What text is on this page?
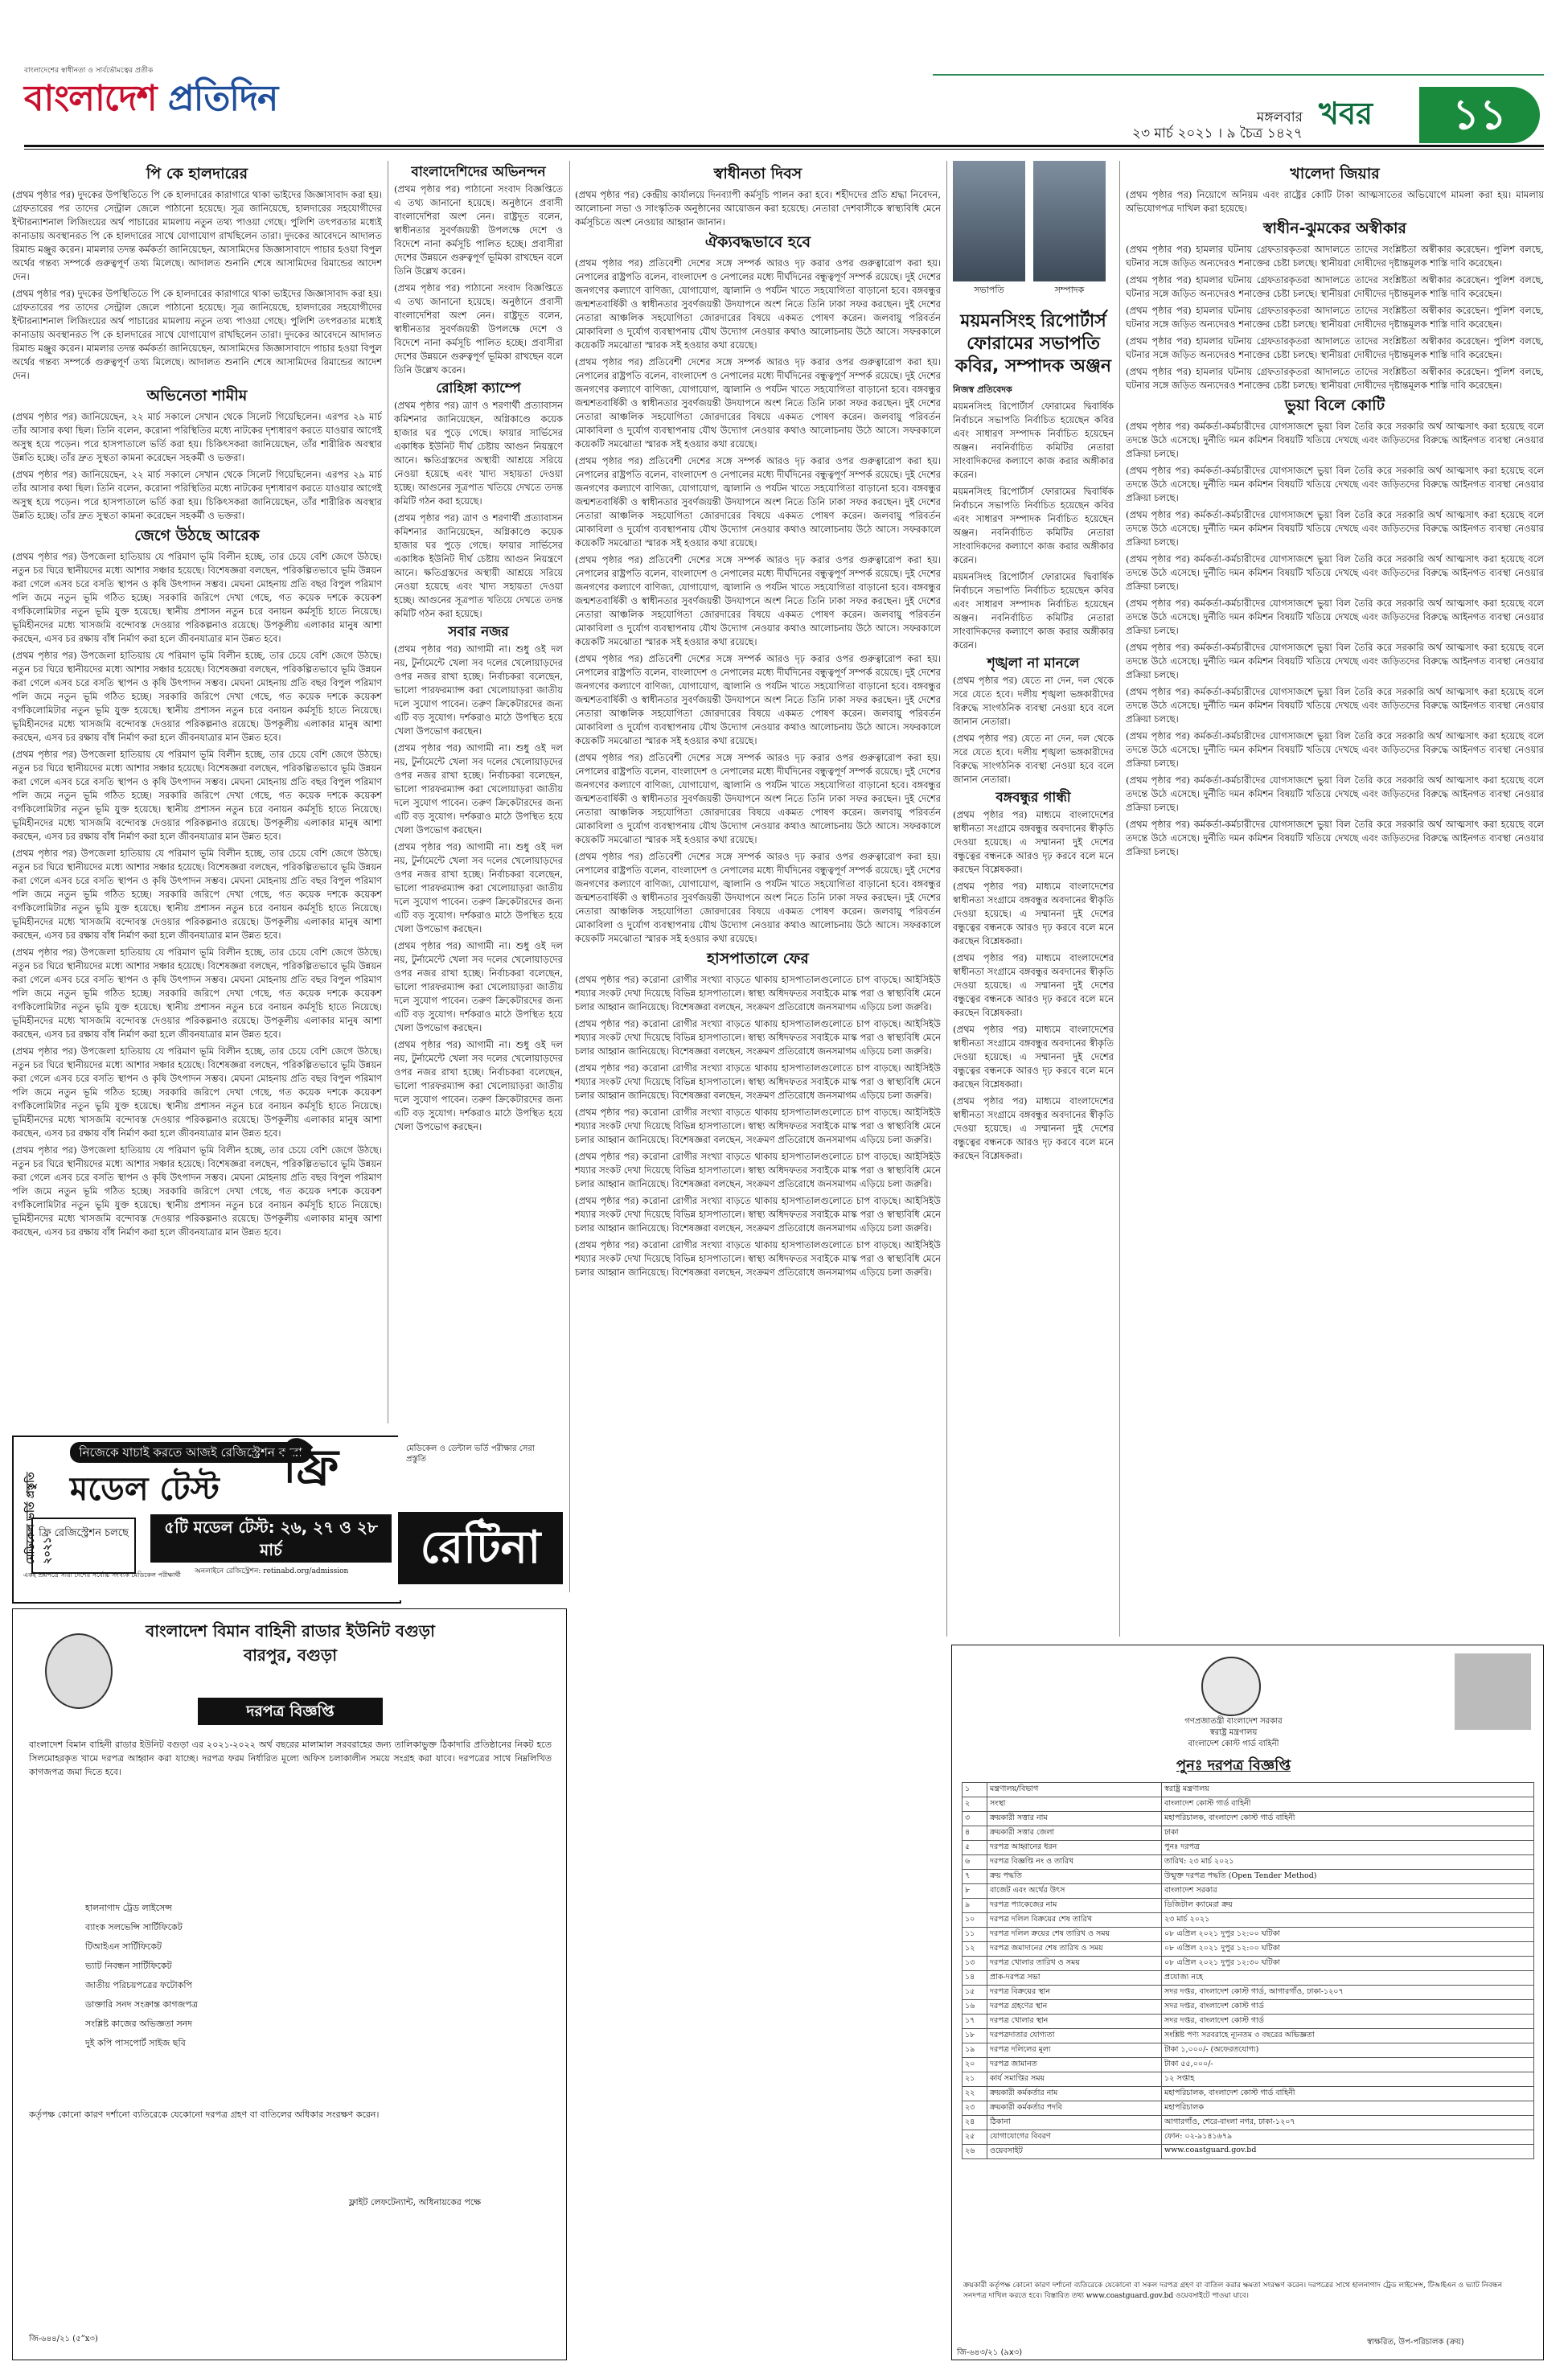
বাংলাদেশের স্বাধীনতা ও সার্বভৌমত্বের প্রতীক
বাংলাদেশ প্রতিদিন	মঙ্গলবার
২৩ মার্চ ২০২১ । ৯ চৈত্র ১৪২৭
খবর	১১
পি কে হালদারের

(প্রথম পৃষ্ঠার পর) দুদকের উপস্থিতিতে পি কে হালদারের কারাগারে থাকা ভাইদের জিজ্ঞাসাবাদ করা হয়। গ্রেফতারের পর তাদের সেন্ট্রাল জেলে পাঠানো হয়েছে। সূত্র জানিয়েছে, হালদারের সহযোগীদের ইন্টারন্যাশনাল লিজিংয়ের অর্থ পাচারের মামলায় নতুন তথ্য পাওয়া গেছে। পুলিশি তৎপরতার মধ্যেই কানাডায় অবস্থানরত পি কে হালদারের সাথে যোগাযোগ রাখছিলেন তারা। দুদকের আবেদনে আদালত রিমান্ড মঞ্জুর করেন। মামলার তদন্ত কর্মকর্তা জানিয়েছেন, আসামিদের জিজ্ঞাসাবাদে পাচার হওয়া বিপুল অর্থের গন্তব্য সম্পর্কে গুরুত্বপূর্ণ তথ্য মিলেছে। আদালত শুনানি শেষে আসামিদের রিমান্ডের আদেশ দেন।

(প্রথম পৃষ্ঠার পর) দুদকের উপস্থিতিতে পি কে হালদারের কারাগারে থাকা ভাইদের জিজ্ঞাসাবাদ করা হয়। গ্রেফতারের পর তাদের সেন্ট্রাল জেলে পাঠানো হয়েছে। সূত্র জানিয়েছে, হালদারের সহযোগীদের ইন্টারন্যাশনাল লিজিংয়ের অর্থ পাচারের মামলায় নতুন তথ্য পাওয়া গেছে। পুলিশি তৎপরতার মধ্যেই কানাডায় অবস্থানরত পি কে হালদারের সাথে যোগাযোগ রাখছিলেন তারা। দুদকের আবেদনে আদালত রিমান্ড মঞ্জুর করেন। মামলার তদন্ত কর্মকর্তা জানিয়েছেন, আসামিদের জিজ্ঞাসাবাদে পাচার হওয়া বিপুল অর্থের গন্তব্য সম্পর্কে গুরুত্বপূর্ণ তথ্য মিলেছে। আদালত শুনানি শেষে আসামিদের রিমান্ডের আদেশ দেন।

অভিনেতা শামীম

(প্রথম পৃষ্ঠার পর) জানিয়েছেন, ২২ মার্চ সকালে সেখান থেকে সিলেট গিয়েছিলেন। এরপর ২৯ মার্চ তাঁর আসার কথা ছিল। তিনি বলেন, করোনা পরিস্থিতির মধ্যে নাটকের দৃশ্যধারণ করতে যাওয়ার আগেই অসুস্থ হয়ে পড়েন। পরে হাসপাতালে ভর্তি করা হয়। চিকিৎসকরা জানিয়েছেন, তাঁর শারীরিক অবস্থার উন্নতি হচ্ছে। তাঁর দ্রুত সুস্থতা কামনা করেছেন সহকর্মী ও ভক্তরা।

(প্রথম পৃষ্ঠার পর) জানিয়েছেন, ২২ মার্চ সকালে সেখান থেকে সিলেট গিয়েছিলেন। এরপর ২৯ মার্চ তাঁর আসার কথা ছিল। তিনি বলেন, করোনা পরিস্থিতির মধ্যে নাটকের দৃশ্যধারণ করতে যাওয়ার আগেই অসুস্থ হয়ে পড়েন। পরে হাসপাতালে ভর্তি করা হয়। চিকিৎসকরা জানিয়েছেন, তাঁর শারীরিক অবস্থার উন্নতি হচ্ছে। তাঁর দ্রুত সুস্থতা কামনা করেছেন সহকর্মী ও ভক্তরা।

জেগে উঠছে আরেক

(প্রথম পৃষ্ঠার পর) উপজেলা হাতিয়ায় যে পরিমাণ ভূমি বিলীন হচ্ছে, তার চেয়ে বেশি জেগে উঠছে। নতুন চর ঘিরে স্থানীয়দের মধ্যে আশার সঞ্চার হয়েছে। বিশেষজ্ঞরা বলছেন, পরিকল্পিতভাবে ভূমি উন্নয়ন করা গেলে এসব চরে বসতি স্থাপন ও কৃষি উৎপাদন সম্ভব। মেঘনা মোহনায় প্রতি বছর বিপুল পরিমাণ পলি জমে নতুন ভূমি গঠিত হচ্ছে। সরকারি জরিপে দেখা গেছে, গত কয়েক দশকে কয়েকশ বর্গকিলোমিটার নতুন ভূমি যুক্ত হয়েছে। স্থানীয় প্রশাসন নতুন চরে বনায়ন কর্মসূচি হাতে নিয়েছে। ভূমিহীনদের মধ্যে খাসজমি বন্দোবস্ত দেওয়ার পরিকল্পনাও রয়েছে। উপকূলীয় এলাকার মানুষ আশা করছেন, এসব চর রক্ষায় বাঁধ নির্মাণ করা হলে জীবনযাত্রার মান উন্নত হবে।

(প্রথম পৃষ্ঠার পর) উপজেলা হাতিয়ায় যে পরিমাণ ভূমি বিলীন হচ্ছে, তার চেয়ে বেশি জেগে উঠছে। নতুন চর ঘিরে স্থানীয়দের মধ্যে আশার সঞ্চার হয়েছে। বিশেষজ্ঞরা বলছেন, পরিকল্পিতভাবে ভূমি উন্নয়ন করা গেলে এসব চরে বসতি স্থাপন ও কৃষি উৎপাদন সম্ভব। মেঘনা মোহনায় প্রতি বছর বিপুল পরিমাণ পলি জমে নতুন ভূমি গঠিত হচ্ছে। সরকারি জরিপে দেখা গেছে, গত কয়েক দশকে কয়েকশ বর্গকিলোমিটার নতুন ভূমি যুক্ত হয়েছে। স্থানীয় প্রশাসন নতুন চরে বনায়ন কর্মসূচি হাতে নিয়েছে। ভূমিহীনদের মধ্যে খাসজমি বন্দোবস্ত দেওয়ার পরিকল্পনাও রয়েছে। উপকূলীয় এলাকার মানুষ আশা করছেন, এসব চর রক্ষায় বাঁধ নির্মাণ করা হলে জীবনযাত্রার মান উন্নত হবে।

(প্রথম পৃষ্ঠার পর) উপজেলা হাতিয়ায় যে পরিমাণ ভূমি বিলীন হচ্ছে, তার চেয়ে বেশি জেগে উঠছে। নতুন চর ঘিরে স্থানীয়দের মধ্যে আশার সঞ্চার হয়েছে। বিশেষজ্ঞরা বলছেন, পরিকল্পিতভাবে ভূমি উন্নয়ন করা গেলে এসব চরে বসতি স্থাপন ও কৃষি উৎপাদন সম্ভব। মেঘনা মোহনায় প্রতি বছর বিপুল পরিমাণ পলি জমে নতুন ভূমি গঠিত হচ্ছে। সরকারি জরিপে দেখা গেছে, গত কয়েক দশকে কয়েকশ বর্গকিলোমিটার নতুন ভূমি যুক্ত হয়েছে। স্থানীয় প্রশাসন নতুন চরে বনায়ন কর্মসূচি হাতে নিয়েছে। ভূমিহীনদের মধ্যে খাসজমি বন্দোবস্ত দেওয়ার পরিকল্পনাও রয়েছে। উপকূলীয় এলাকার মানুষ আশা করছেন, এসব চর রক্ষায় বাঁধ নির্মাণ করা হলে জীবনযাত্রার মান উন্নত হবে।

(প্রথম পৃষ্ঠার পর) উপজেলা হাতিয়ায় যে পরিমাণ ভূমি বিলীন হচ্ছে, তার চেয়ে বেশি জেগে উঠছে। নতুন চর ঘিরে স্থানীয়দের মধ্যে আশার সঞ্চার হয়েছে। বিশেষজ্ঞরা বলছেন, পরিকল্পিতভাবে ভূমি উন্নয়ন করা গেলে এসব চরে বসতি স্থাপন ও কৃষি উৎপাদন সম্ভব। মেঘনা মোহনায় প্রতি বছর বিপুল পরিমাণ পলি জমে নতুন ভূমি গঠিত হচ্ছে। সরকারি জরিপে দেখা গেছে, গত কয়েক দশকে কয়েকশ বর্গকিলোমিটার নতুন ভূমি যুক্ত হয়েছে। স্থানীয় প্রশাসন নতুন চরে বনায়ন কর্মসূচি হাতে নিয়েছে। ভূমিহীনদের মধ্যে খাসজমি বন্দোবস্ত দেওয়ার পরিকল্পনাও রয়েছে। উপকূলীয় এলাকার মানুষ আশা করছেন, এসব চর রক্ষায় বাঁধ নির্মাণ করা হলে জীবনযাত্রার মান উন্নত হবে।

(প্রথম পৃষ্ঠার পর) উপজেলা হাতিয়ায় যে পরিমাণ ভূমি বিলীন হচ্ছে, তার চেয়ে বেশি জেগে উঠছে। নতুন চর ঘিরে স্থানীয়দের মধ্যে আশার সঞ্চার হয়েছে। বিশেষজ্ঞরা বলছেন, পরিকল্পিতভাবে ভূমি উন্নয়ন করা গেলে এসব চরে বসতি স্থাপন ও কৃষি উৎপাদন সম্ভব। মেঘনা মোহনায় প্রতি বছর বিপুল পরিমাণ পলি জমে নতুন ভূমি গঠিত হচ্ছে। সরকারি জরিপে দেখা গেছে, গত কয়েক দশকে কয়েকশ বর্গকিলোমিটার নতুন ভূমি যুক্ত হয়েছে। স্থানীয় প্রশাসন নতুন চরে বনায়ন কর্মসূচি হাতে নিয়েছে। ভূমিহীনদের মধ্যে খাসজমি বন্দোবস্ত দেওয়ার পরিকল্পনাও রয়েছে। উপকূলীয় এলাকার মানুষ আশা করছেন, এসব চর রক্ষায় বাঁধ নির্মাণ করা হলে জীবনযাত্রার মান উন্নত হবে।

(প্রথম পৃষ্ঠার পর) উপজেলা হাতিয়ায় যে পরিমাণ ভূমি বিলীন হচ্ছে, তার চেয়ে বেশি জেগে উঠছে। নতুন চর ঘিরে স্থানীয়দের মধ্যে আশার সঞ্চার হয়েছে। বিশেষজ্ঞরা বলছেন, পরিকল্পিতভাবে ভূমি উন্নয়ন করা গেলে এসব চরে বসতি স্থাপন ও কৃষি উৎপাদন সম্ভব। মেঘনা মোহনায় প্রতি বছর বিপুল পরিমাণ পলি জমে নতুন ভূমি গঠিত হচ্ছে। সরকারি জরিপে দেখা গেছে, গত কয়েক দশকে কয়েকশ বর্গকিলোমিটার নতুন ভূমি যুক্ত হয়েছে। স্থানীয় প্রশাসন নতুন চরে বনায়ন কর্মসূচি হাতে নিয়েছে। ভূমিহীনদের মধ্যে খাসজমি বন্দোবস্ত দেওয়ার পরিকল্পনাও রয়েছে। উপকূলীয় এলাকার মানুষ আশা করছেন, এসব চর রক্ষায় বাঁধ নির্মাণ করা হলে জীবনযাত্রার মান উন্নত হবে।

(প্রথম পৃষ্ঠার পর) উপজেলা হাতিয়ায় যে পরিমাণ ভূমি বিলীন হচ্ছে, তার চেয়ে বেশি জেগে উঠছে। নতুন চর ঘিরে স্থানীয়দের মধ্যে আশার সঞ্চার হয়েছে। বিশেষজ্ঞরা বলছেন, পরিকল্পিতভাবে ভূমি উন্নয়ন করা গেলে এসব চরে বসতি স্থাপন ও কৃষি উৎপাদন সম্ভব। মেঘনা মোহনায় প্রতি বছর বিপুল পরিমাণ পলি জমে নতুন ভূমি গঠিত হচ্ছে। সরকারি জরিপে দেখা গেছে, গত কয়েক দশকে কয়েকশ বর্গকিলোমিটার নতুন ভূমি যুক্ত হয়েছে। স্থানীয় প্রশাসন নতুন চরে বনায়ন কর্মসূচি হাতে নিয়েছে। ভূমিহীনদের মধ্যে খাসজমি বন্দোবস্ত দেওয়ার পরিকল্পনাও রয়েছে। উপকূলীয় এলাকার মানুষ আশা করছেন, এসব চর রক্ষায় বাঁধ নির্মাণ করা হলে জীবনযাত্রার মান উন্নত হবে।

বাংলাদেশিদের অভিনন্দন

(প্রথম পৃষ্ঠার পর) পাঠানো সংবাদ বিজ্ঞপ্তিতে এ তথ্য জানানো হয়েছে। অনুষ্ঠানে প্রবাসী বাংলাদেশিরা অংশ নেন। রাষ্ট্রদূত বলেন, স্বাধীনতার সুবর্ণজয়ন্তী উপলক্ষে দেশে ও বিদেশে নানা কর্মসূচি পালিত হচ্ছে। প্রবাসীরা দেশের উন্নয়নে গুরুত্বপূর্ণ ভূমিকা রাখছেন বলে তিনি উল্লেখ করেন।

(প্রথম পৃষ্ঠার পর) পাঠানো সংবাদ বিজ্ঞপ্তিতে এ তথ্য জানানো হয়েছে। অনুষ্ঠানে প্রবাসী বাংলাদেশিরা অংশ নেন। রাষ্ট্রদূত বলেন, স্বাধীনতার সুবর্ণজয়ন্তী উপলক্ষে দেশে ও বিদেশে নানা কর্মসূচি পালিত হচ্ছে। প্রবাসীরা দেশের উন্নয়নে গুরুত্বপূর্ণ ভূমিকা রাখছেন বলে তিনি উল্লেখ করেন।

রোহিঙ্গা ক্যাম্পে

(প্রথম পৃষ্ঠার পর) ত্রাণ ও শরণার্থী প্রত্যাবাসন কমিশনার জানিয়েছেন, অগ্নিকাণ্ডে কয়েক হাজার ঘর পুড়ে গেছে। ফায়ার সার্ভিসের একাধিক ইউনিট দীর্ঘ চেষ্টায় আগুন নিয়ন্ত্রণে আনে। ক্ষতিগ্রস্তদের অস্থায়ী আশ্রয়ে সরিয়ে নেওয়া হয়েছে এবং খাদ্য সহায়তা দেওয়া হচ্ছে। আগুনের সূত্রপাত খতিয়ে দেখতে তদন্ত কমিটি গঠন করা হয়েছে।

(প্রথম পৃষ্ঠার পর) ত্রাণ ও শরণার্থী প্রত্যাবাসন কমিশনার জানিয়েছেন, অগ্নিকাণ্ডে কয়েক হাজার ঘর পুড়ে গেছে। ফায়ার সার্ভিসের একাধিক ইউনিট দীর্ঘ চেষ্টায় আগুন নিয়ন্ত্রণে আনে। ক্ষতিগ্রস্তদের অস্থায়ী আশ্রয়ে সরিয়ে নেওয়া হয়েছে এবং খাদ্য সহায়তা দেওয়া হচ্ছে। আগুনের সূত্রপাত খতিয়ে দেখতে তদন্ত কমিটি গঠন করা হয়েছে।

সবার নজর

(প্রথম পৃষ্ঠার পর) আগামী না। শুধু ওই দল নয়, টুর্নামেন্টে খেলা সব দলের খেলোয়াড়দের ওপর নজর রাখা হচ্ছে। নির্বাচকরা বলেছেন, ভালো পারফরম্যান্স করা খেলোয়াড়রা জাতীয় দলে সুযোগ পাবেন। তরুণ ক্রিকেটারদের জন্য এটি বড় সুযোগ। দর্শকরাও মাঠে উপস্থিত হয়ে খেলা উপভোগ করছেন।

(প্রথম পৃষ্ঠার পর) আগামী না। শুধু ওই দল নয়, টুর্নামেন্টে খেলা সব দলের খেলোয়াড়দের ওপর নজর রাখা হচ্ছে। নির্বাচকরা বলেছেন, ভালো পারফরম্যান্স করা খেলোয়াড়রা জাতীয় দলে সুযোগ পাবেন। তরুণ ক্রিকেটারদের জন্য এটি বড় সুযোগ। দর্শকরাও মাঠে উপস্থিত হয়ে খেলা উপভোগ করছেন।

(প্রথম পৃষ্ঠার পর) আগামী না। শুধু ওই দল নয়, টুর্নামেন্টে খেলা সব দলের খেলোয়াড়দের ওপর নজর রাখা হচ্ছে। নির্বাচকরা বলেছেন, ভালো পারফরম্যান্স করা খেলোয়াড়রা জাতীয় দলে সুযোগ পাবেন। তরুণ ক্রিকেটারদের জন্য এটি বড় সুযোগ। দর্শকরাও মাঠে উপস্থিত হয়ে খেলা উপভোগ করছেন।

(প্রথম পৃষ্ঠার পর) আগামী না। শুধু ওই দল নয়, টুর্নামেন্টে খেলা সব দলের খেলোয়াড়দের ওপর নজর রাখা হচ্ছে। নির্বাচকরা বলেছেন, ভালো পারফরম্যান্স করা খেলোয়াড়রা জাতীয় দলে সুযোগ পাবেন। তরুণ ক্রিকেটারদের জন্য এটি বড় সুযোগ। দর্শকরাও মাঠে উপস্থিত হয়ে খেলা উপভোগ করছেন।

(প্রথম পৃষ্ঠার পর) আগামী না। শুধু ওই দল নয়, টুর্নামেন্টে খেলা সব দলের খেলোয়াড়দের ওপর নজর রাখা হচ্ছে। নির্বাচকরা বলেছেন, ভালো পারফরম্যান্স করা খেলোয়াড়রা জাতীয় দলে সুযোগ পাবেন। তরুণ ক্রিকেটারদের জন্য এটি বড় সুযোগ। দর্শকরাও মাঠে উপস্থিত হয়ে খেলা উপভোগ করছেন।

স্বাধীনতা দিবস

(প্রথম পৃষ্ঠার পর) কেন্দ্রীয় কার্যালয়ে দিনব্যাপী কর্মসূচি পালন করা হবে। শহীদদের প্রতি শ্রদ্ধা নিবেদন, আলোচনা সভা ও সাংস্কৃতিক অনুষ্ঠানের আয়োজন করা হয়েছে। নেতারা দেশবাসীকে স্বাস্থ্যবিধি মেনে কর্মসূচিতে অংশ নেওয়ার আহ্বান জানান।

ঐক্যবদ্ধভাবে হবে

(প্রথম পৃষ্ঠার পর) প্রতিবেশী দেশের সঙ্গে সম্পর্ক আরও দৃঢ় করার ওপর গুরুত্বারোপ করা হয়। নেপালের রাষ্ট্রপতি বলেন, বাংলাদেশ ও নেপালের মধ্যে দীর্ঘদিনের বন্ধুত্বপূর্ণ সম্পর্ক রয়েছে। দুই দেশের জনগণের কল্যাণে বাণিজ্য, যোগাযোগ, জ্বালানি ও পর্যটন খাতে সহযোগিতা বাড়ানো হবে। বঙ্গবন্ধুর জন্মশতবার্ষিকী ও স্বাধীনতার সুবর্ণজয়ন্তী উদযাপনে অংশ নিতে তিনি ঢাকা সফর করছেন। দুই দেশের নেতারা আঞ্চলিক সহযোগিতা জোরদারের বিষয়ে একমত পোষণ করেন। জলবায়ু পরিবর্তন মোকাবিলা ও দুর্যোগ ব্যবস্থাপনায় যৌথ উদ্যোগ নেওয়ার কথাও আলোচনায় উঠে আসে। সফরকালে কয়েকটি সমঝোতা স্মারক সই হওয়ার কথা রয়েছে।

(প্রথম পৃষ্ঠার পর) প্রতিবেশী দেশের সঙ্গে সম্পর্ক আরও দৃঢ় করার ওপর গুরুত্বারোপ করা হয়। নেপালের রাষ্ট্রপতি বলেন, বাংলাদেশ ও নেপালের মধ্যে দীর্ঘদিনের বন্ধুত্বপূর্ণ সম্পর্ক রয়েছে। দুই দেশের জনগণের কল্যাণে বাণিজ্য, যোগাযোগ, জ্বালানি ও পর্যটন খাতে সহযোগিতা বাড়ানো হবে। বঙ্গবন্ধুর জন্মশতবার্ষিকী ও স্বাধীনতার সুবর্ণজয়ন্তী উদযাপনে অংশ নিতে তিনি ঢাকা সফর করছেন। দুই দেশের নেতারা আঞ্চলিক সহযোগিতা জোরদারের বিষয়ে একমত পোষণ করেন। জলবায়ু পরিবর্তন মোকাবিলা ও দুর্যোগ ব্যবস্থাপনায় যৌথ উদ্যোগ নেওয়ার কথাও আলোচনায় উঠে আসে। সফরকালে কয়েকটি সমঝোতা স্মারক সই হওয়ার কথা রয়েছে।

(প্রথম পৃষ্ঠার পর) প্রতিবেশী দেশের সঙ্গে সম্পর্ক আরও দৃঢ় করার ওপর গুরুত্বারোপ করা হয়। নেপালের রাষ্ট্রপতি বলেন, বাংলাদেশ ও নেপালের মধ্যে দীর্ঘদিনের বন্ধুত্বপূর্ণ সম্পর্ক রয়েছে। দুই দেশের জনগণের কল্যাণে বাণিজ্য, যোগাযোগ, জ্বালানি ও পর্যটন খাতে সহযোগিতা বাড়ানো হবে। বঙ্গবন্ধুর জন্মশতবার্ষিকী ও স্বাধীনতার সুবর্ণজয়ন্তী উদযাপনে অংশ নিতে তিনি ঢাকা সফর করছেন। দুই দেশের নেতারা আঞ্চলিক সহযোগিতা জোরদারের বিষয়ে একমত পোষণ করেন। জলবায়ু পরিবর্তন মোকাবিলা ও দুর্যোগ ব্যবস্থাপনায় যৌথ উদ্যোগ নেওয়ার কথাও আলোচনায় উঠে আসে। সফরকালে কয়েকটি সমঝোতা স্মারক সই হওয়ার কথা রয়েছে।

(প্রথম পৃষ্ঠার পর) প্রতিবেশী দেশের সঙ্গে সম্পর্ক আরও দৃঢ় করার ওপর গুরুত্বারোপ করা হয়। নেপালের রাষ্ট্রপতি বলেন, বাংলাদেশ ও নেপালের মধ্যে দীর্ঘদিনের বন্ধুত্বপূর্ণ সম্পর্ক রয়েছে। দুই দেশের জনগণের কল্যাণে বাণিজ্য, যোগাযোগ, জ্বালানি ও পর্যটন খাতে সহযোগিতা বাড়ানো হবে। বঙ্গবন্ধুর জন্মশতবার্ষিকী ও স্বাধীনতার সুবর্ণজয়ন্তী উদযাপনে অংশ নিতে তিনি ঢাকা সফর করছেন। দুই দেশের নেতারা আঞ্চলিক সহযোগিতা জোরদারের বিষয়ে একমত পোষণ করেন। জলবায়ু পরিবর্তন মোকাবিলা ও দুর্যোগ ব্যবস্থাপনায় যৌথ উদ্যোগ নেওয়ার কথাও আলোচনায় উঠে আসে। সফরকালে কয়েকটি সমঝোতা স্মারক সই হওয়ার কথা রয়েছে।

(প্রথম পৃষ্ঠার পর) প্রতিবেশী দেশের সঙ্গে সম্পর্ক আরও দৃঢ় করার ওপর গুরুত্বারোপ করা হয়। নেপালের রাষ্ট্রপতি বলেন, বাংলাদেশ ও নেপালের মধ্যে দীর্ঘদিনের বন্ধুত্বপূর্ণ সম্পর্ক রয়েছে। দুই দেশের জনগণের কল্যাণে বাণিজ্য, যোগাযোগ, জ্বালানি ও পর্যটন খাতে সহযোগিতা বাড়ানো হবে। বঙ্গবন্ধুর জন্মশতবার্ষিকী ও স্বাধীনতার সুবর্ণজয়ন্তী উদযাপনে অংশ নিতে তিনি ঢাকা সফর করছেন। দুই দেশের নেতারা আঞ্চলিক সহযোগিতা জোরদারের বিষয়ে একমত পোষণ করেন। জলবায়ু পরিবর্তন মোকাবিলা ও দুর্যোগ ব্যবস্থাপনায় যৌথ উদ্যোগ নেওয়ার কথাও আলোচনায় উঠে আসে। সফরকালে কয়েকটি সমঝোতা স্মারক সই হওয়ার কথা রয়েছে।

(প্রথম পৃষ্ঠার পর) প্রতিবেশী দেশের সঙ্গে সম্পর্ক আরও দৃঢ় করার ওপর গুরুত্বারোপ করা হয়। নেপালের রাষ্ট্রপতি বলেন, বাংলাদেশ ও নেপালের মধ্যে দীর্ঘদিনের বন্ধুত্বপূর্ণ সম্পর্ক রয়েছে। দুই দেশের জনগণের কল্যাণে বাণিজ্য, যোগাযোগ, জ্বালানি ও পর্যটন খাতে সহযোগিতা বাড়ানো হবে। বঙ্গবন্ধুর জন্মশতবার্ষিকী ও স্বাধীনতার সুবর্ণজয়ন্তী উদযাপনে অংশ নিতে তিনি ঢাকা সফর করছেন। দুই দেশের নেতারা আঞ্চলিক সহযোগিতা জোরদারের বিষয়ে একমত পোষণ করেন। জলবায়ু পরিবর্তন মোকাবিলা ও দুর্যোগ ব্যবস্থাপনায় যৌথ উদ্যোগ নেওয়ার কথাও আলোচনায় উঠে আসে। সফরকালে কয়েকটি সমঝোতা স্মারক সই হওয়ার কথা রয়েছে।

(প্রথম পৃষ্ঠার পর) প্রতিবেশী দেশের সঙ্গে সম্পর্ক আরও দৃঢ় করার ওপর গুরুত্বারোপ করা হয়। নেপালের রাষ্ট্রপতি বলেন, বাংলাদেশ ও নেপালের মধ্যে দীর্ঘদিনের বন্ধুত্বপূর্ণ সম্পর্ক রয়েছে। দুই দেশের জনগণের কল্যাণে বাণিজ্য, যোগাযোগ, জ্বালানি ও পর্যটন খাতে সহযোগিতা বাড়ানো হবে। বঙ্গবন্ধুর জন্মশতবার্ষিকী ও স্বাধীনতার সুবর্ণজয়ন্তী উদযাপনে অংশ নিতে তিনি ঢাকা সফর করছেন। দুই দেশের নেতারা আঞ্চলিক সহযোগিতা জোরদারের বিষয়ে একমত পোষণ করেন। জলবায়ু পরিবর্তন মোকাবিলা ও দুর্যোগ ব্যবস্থাপনায় যৌথ উদ্যোগ নেওয়ার কথাও আলোচনায় উঠে আসে। সফরকালে কয়েকটি সমঝোতা স্মারক সই হওয়ার কথা রয়েছে।

হাসপাতালে ফের

(প্রথম পৃষ্ঠার পর) করোনা রোগীর সংখ্যা বাড়তে থাকায় হাসপাতালগুলোতে চাপ বাড়ছে। আইসিইউ শয্যার সংকট দেখা দিয়েছে বিভিন্ন হাসপাতালে। স্বাস্থ্য অধিদফতর সবাইকে মাস্ক পরা ও স্বাস্থ্যবিধি মেনে চলার আহ্বান জানিয়েছে। বিশেষজ্ঞরা বলছেন, সংক্রমণ প্রতিরোধে জনসমাগম এড়িয়ে চলা জরুরি।

(প্রথম পৃষ্ঠার পর) করোনা রোগীর সংখ্যা বাড়তে থাকায় হাসপাতালগুলোতে চাপ বাড়ছে। আইসিইউ শয্যার সংকট দেখা দিয়েছে বিভিন্ন হাসপাতালে। স্বাস্থ্য অধিদফতর সবাইকে মাস্ক পরা ও স্বাস্থ্যবিধি মেনে চলার আহ্বান জানিয়েছে। বিশেষজ্ঞরা বলছেন, সংক্রমণ প্রতিরোধে জনসমাগম এড়িয়ে চলা জরুরি।

(প্রথম পৃষ্ঠার পর) করোনা রোগীর সংখ্যা বাড়তে থাকায় হাসপাতালগুলোতে চাপ বাড়ছে। আইসিইউ শয্যার সংকট দেখা দিয়েছে বিভিন্ন হাসপাতালে। স্বাস্থ্য অধিদফতর সবাইকে মাস্ক পরা ও স্বাস্থ্যবিধি মেনে চলার আহ্বান জানিয়েছে। বিশেষজ্ঞরা বলছেন, সংক্রমণ প্রতিরোধে জনসমাগম এড়িয়ে চলা জরুরি।

(প্রথম পৃষ্ঠার পর) করোনা রোগীর সংখ্যা বাড়তে থাকায় হাসপাতালগুলোতে চাপ বাড়ছে। আইসিইউ শয্যার সংকট দেখা দিয়েছে বিভিন্ন হাসপাতালে। স্বাস্থ্য অধিদফতর সবাইকে মাস্ক পরা ও স্বাস্থ্যবিধি মেনে চলার আহ্বান জানিয়েছে। বিশেষজ্ঞরা বলছেন, সংক্রমণ প্রতিরোধে জনসমাগম এড়িয়ে চলা জরুরি।

(প্রথম পৃষ্ঠার পর) করোনা রোগীর সংখ্যা বাড়তে থাকায় হাসপাতালগুলোতে চাপ বাড়ছে। আইসিইউ শয্যার সংকট দেখা দিয়েছে বিভিন্ন হাসপাতালে। স্বাস্থ্য অধিদফতর সবাইকে মাস্ক পরা ও স্বাস্থ্যবিধি মেনে চলার আহ্বান জানিয়েছে। বিশেষজ্ঞরা বলছেন, সংক্রমণ প্রতিরোধে জনসমাগম এড়িয়ে চলা জরুরি।

(প্রথম পৃষ্ঠার পর) করোনা রোগীর সংখ্যা বাড়তে থাকায় হাসপাতালগুলোতে চাপ বাড়ছে। আইসিইউ শয্যার সংকট দেখা দিয়েছে বিভিন্ন হাসপাতালে। স্বাস্থ্য অধিদফতর সবাইকে মাস্ক পরা ও স্বাস্থ্যবিধি মেনে চলার আহ্বান জানিয়েছে। বিশেষজ্ঞরা বলছেন, সংক্রমণ প্রতিরোধে জনসমাগম এড়িয়ে চলা জরুরি।

(প্রথম পৃষ্ঠার পর) করোনা রোগীর সংখ্যা বাড়তে থাকায় হাসপাতালগুলোতে চাপ বাড়ছে। আইসিইউ শয্যার সংকট দেখা দিয়েছে বিভিন্ন হাসপাতালে। স্বাস্থ্য অধিদফতর সবাইকে মাস্ক পরা ও স্বাস্থ্যবিধি মেনে চলার আহ্বান জানিয়েছে। বিশেষজ্ঞরা বলছেন, সংক্রমণ প্রতিরোধে জনসমাগম এড়িয়ে চলা জরুরি।

সভাপতি	সম্পাদক
ময়মনসিংহ রিপোর্টার্স ফোরামের সভাপতি কবির, সম্পাদক অঞ্জন
নিজস্ব প্রতিবেদক

ময়মনসিংহ রিপোর্টার্স ফোরামের দ্বিবার্ষিক নির্বাচনে সভাপতি নির্বাচিত হয়েছেন কবির এবং সাধারণ সম্পাদক নির্বাচিত হয়েছেন অঞ্জন। নবনির্বাচিত কমিটির নেতারা সাংবাদিকদের কল্যাণে কাজ করার অঙ্গীকার করেন।

ময়মনসিংহ রিপোর্টার্স ফোরামের দ্বিবার্ষিক নির্বাচনে সভাপতি নির্বাচিত হয়েছেন কবির এবং সাধারণ সম্পাদক নির্বাচিত হয়েছেন অঞ্জন। নবনির্বাচিত কমিটির নেতারা সাংবাদিকদের কল্যাণে কাজ করার অঙ্গীকার করেন।

ময়মনসিংহ রিপোর্টার্স ফোরামের দ্বিবার্ষিক নির্বাচনে সভাপতি নির্বাচিত হয়েছেন কবির এবং সাধারণ সম্পাদক নির্বাচিত হয়েছেন অঞ্জন। নবনির্বাচিত কমিটির নেতারা সাংবাদিকদের কল্যাণে কাজ করার অঙ্গীকার করেন।

শৃঙ্খলা না মানলে

(প্রথম পৃষ্ঠার পর) যেতে না দেন, দল থেকে সরে যেতে হবে। দলীয় শৃঙ্খলা ভঙ্গকারীদের বিরুদ্ধে সাংগঠনিক ব্যবস্থা নেওয়া হবে বলে জানান নেতারা।

(প্রথম পৃষ্ঠার পর) যেতে না দেন, দল থেকে সরে যেতে হবে। দলীয় শৃঙ্খলা ভঙ্গকারীদের বিরুদ্ধে সাংগঠনিক ব্যবস্থা নেওয়া হবে বলে জানান নেতারা।

বঙ্গবন্ধুর গান্ধী

(প্রথম পৃষ্ঠার পর) মাধ্যমে বাংলাদেশের স্বাধীনতা সংগ্রামে বঙ্গবন্ধুর অবদানের স্বীকৃতি দেওয়া হয়েছে। এ সম্মাননা দুই দেশের বন্ধুত্বের বন্ধনকে আরও দৃঢ় করবে বলে মনে করছেন বিশ্লেষকরা।

(প্রথম পৃষ্ঠার পর) মাধ্যমে বাংলাদেশের স্বাধীনতা সংগ্রামে বঙ্গবন্ধুর অবদানের স্বীকৃতি দেওয়া হয়েছে। এ সম্মাননা দুই দেশের বন্ধুত্বের বন্ধনকে আরও দৃঢ় করবে বলে মনে করছেন বিশ্লেষকরা।

(প্রথম পৃষ্ঠার পর) মাধ্যমে বাংলাদেশের স্বাধীনতা সংগ্রামে বঙ্গবন্ধুর অবদানের স্বীকৃতি দেওয়া হয়েছে। এ সম্মাননা দুই দেশের বন্ধুত্বের বন্ধনকে আরও দৃঢ় করবে বলে মনে করছেন বিশ্লেষকরা।

(প্রথম পৃষ্ঠার পর) মাধ্যমে বাংলাদেশের স্বাধীনতা সংগ্রামে বঙ্গবন্ধুর অবদানের স্বীকৃতি দেওয়া হয়েছে। এ সম্মাননা দুই দেশের বন্ধুত্বের বন্ধনকে আরও দৃঢ় করবে বলে মনে করছেন বিশ্লেষকরা।

(প্রথম পৃষ্ঠার পর) মাধ্যমে বাংলাদেশের স্বাধীনতা সংগ্রামে বঙ্গবন্ধুর অবদানের স্বীকৃতি দেওয়া হয়েছে। এ সম্মাননা দুই দেশের বন্ধুত্বের বন্ধনকে আরও দৃঢ় করবে বলে মনে করছেন বিশ্লেষকরা।

খালেদা জিয়ার

(প্রথম পৃষ্ঠার পর) নিয়োগে অনিয়ম এবং রাষ্ট্রের কোটি টাকা আত্মসাতের অভিযোগে মামলা করা হয়। মামলায় অভিযোগপত্র দাখিল করা হয়েছে।

স্বাধীন-ঝুমকের অস্বীকার

(প্রথম পৃষ্ঠার পর) হামলার ঘটনায় গ্রেফতারকৃতরা আদালতে তাদের সংশ্লিষ্টতা অস্বীকার করেছেন। পুলিশ বলছে, ঘটনার সঙ্গে জড়িত অন্যদেরও শনাক্তের চেষ্টা চলছে। স্থানীয়রা দোষীদের দৃষ্টান্তমূলক শাস্তি দাবি করেছেন।

(প্রথম পৃষ্ঠার পর) হামলার ঘটনায় গ্রেফতারকৃতরা আদালতে তাদের সংশ্লিষ্টতা অস্বীকার করেছেন। পুলিশ বলছে, ঘটনার সঙ্গে জড়িত অন্যদেরও শনাক্তের চেষ্টা চলছে। স্থানীয়রা দোষীদের দৃষ্টান্তমূলক শাস্তি দাবি করেছেন।

(প্রথম পৃষ্ঠার পর) হামলার ঘটনায় গ্রেফতারকৃতরা আদালতে তাদের সংশ্লিষ্টতা অস্বীকার করেছেন। পুলিশ বলছে, ঘটনার সঙ্গে জড়িত অন্যদেরও শনাক্তের চেষ্টা চলছে। স্থানীয়রা দোষীদের দৃষ্টান্তমূলক শাস্তি দাবি করেছেন।

(প্রথম পৃষ্ঠার পর) হামলার ঘটনায় গ্রেফতারকৃতরা আদালতে তাদের সংশ্লিষ্টতা অস্বীকার করেছেন। পুলিশ বলছে, ঘটনার সঙ্গে জড়িত অন্যদেরও শনাক্তের চেষ্টা চলছে। স্থানীয়রা দোষীদের দৃষ্টান্তমূলক শাস্তি দাবি করেছেন।

(প্রথম পৃষ্ঠার পর) হামলার ঘটনায় গ্রেফতারকৃতরা আদালতে তাদের সংশ্লিষ্টতা অস্বীকার করেছেন। পুলিশ বলছে, ঘটনার সঙ্গে জড়িত অন্যদেরও শনাক্তের চেষ্টা চলছে। স্থানীয়রা দোষীদের দৃষ্টান্তমূলক শাস্তি দাবি করেছেন।

ভুয়া বিলে কোটি

(প্রথম পৃষ্ঠার পর) কর্মকর্তা-কর্মচারীদের যোগসাজশে ভুয়া বিল তৈরি করে সরকারি অর্থ আত্মসাৎ করা হয়েছে বলে তদন্তে উঠে এসেছে। দুর্নীতি দমন কমিশন বিষয়টি খতিয়ে দেখছে এবং জড়িতদের বিরুদ্ধে আইনগত ব্যবস্থা নেওয়ার প্রক্রিয়া চলছে।

(প্রথম পৃষ্ঠার পর) কর্মকর্তা-কর্মচারীদের যোগসাজশে ভুয়া বিল তৈরি করে সরকারি অর্থ আত্মসাৎ করা হয়েছে বলে তদন্তে উঠে এসেছে। দুর্নীতি দমন কমিশন বিষয়টি খতিয়ে দেখছে এবং জড়িতদের বিরুদ্ধে আইনগত ব্যবস্থা নেওয়ার প্রক্রিয়া চলছে।

(প্রথম পৃষ্ঠার পর) কর্মকর্তা-কর্মচারীদের যোগসাজশে ভুয়া বিল তৈরি করে সরকারি অর্থ আত্মসাৎ করা হয়েছে বলে তদন্তে উঠে এসেছে। দুর্নীতি দমন কমিশন বিষয়টি খতিয়ে দেখছে এবং জড়িতদের বিরুদ্ধে আইনগত ব্যবস্থা নেওয়ার প্রক্রিয়া চলছে।

(প্রথম পৃষ্ঠার পর) কর্মকর্তা-কর্মচারীদের যোগসাজশে ভুয়া বিল তৈরি করে সরকারি অর্থ আত্মসাৎ করা হয়েছে বলে তদন্তে উঠে এসেছে। দুর্নীতি দমন কমিশন বিষয়টি খতিয়ে দেখছে এবং জড়িতদের বিরুদ্ধে আইনগত ব্যবস্থা নেওয়ার প্রক্রিয়া চলছে।

(প্রথম পৃষ্ঠার পর) কর্মকর্তা-কর্মচারীদের যোগসাজশে ভুয়া বিল তৈরি করে সরকারি অর্থ আত্মসাৎ করা হয়েছে বলে তদন্তে উঠে এসেছে। দুর্নীতি দমন কমিশন বিষয়টি খতিয়ে দেখছে এবং জড়িতদের বিরুদ্ধে আইনগত ব্যবস্থা নেওয়ার প্রক্রিয়া চলছে।

(প্রথম পৃষ্ঠার পর) কর্মকর্তা-কর্মচারীদের যোগসাজশে ভুয়া বিল তৈরি করে সরকারি অর্থ আত্মসাৎ করা হয়েছে বলে তদন্তে উঠে এসেছে। দুর্নীতি দমন কমিশন বিষয়টি খতিয়ে দেখছে এবং জড়িতদের বিরুদ্ধে আইনগত ব্যবস্থা নেওয়ার প্রক্রিয়া চলছে।

(প্রথম পৃষ্ঠার পর) কর্মকর্তা-কর্মচারীদের যোগসাজশে ভুয়া বিল তৈরি করে সরকারি অর্থ আত্মসাৎ করা হয়েছে বলে তদন্তে উঠে এসেছে। দুর্নীতি দমন কমিশন বিষয়টি খতিয়ে দেখছে এবং জড়িতদের বিরুদ্ধে আইনগত ব্যবস্থা নেওয়ার প্রক্রিয়া চলছে।

(প্রথম পৃষ্ঠার পর) কর্মকর্তা-কর্মচারীদের যোগসাজশে ভুয়া বিল তৈরি করে সরকারি অর্থ আত্মসাৎ করা হয়েছে বলে তদন্তে উঠে এসেছে। দুর্নীতি দমন কমিশন বিষয়টি খতিয়ে দেখছে এবং জড়িতদের বিরুদ্ধে আইনগত ব্যবস্থা নেওয়ার প্রক্রিয়া চলছে।

(প্রথম পৃষ্ঠার পর) কর্মকর্তা-কর্মচারীদের যোগসাজশে ভুয়া বিল তৈরি করে সরকারি অর্থ আত্মসাৎ করা হয়েছে বলে তদন্তে উঠে এসেছে। দুর্নীতি দমন কমিশন বিষয়টি খতিয়ে দেখছে এবং জড়িতদের বিরুদ্ধে আইনগত ব্যবস্থা নেওয়ার প্রক্রিয়া চলছে।

(প্রথম পৃষ্ঠার পর) কর্মকর্তা-কর্মচারীদের যোগসাজশে ভুয়া বিল তৈরি করে সরকারি অর্থ আত্মসাৎ করা হয়েছে বলে তদন্তে উঠে এসেছে। দুর্নীতি দমন কমিশন বিষয়টি খতিয়ে দেখছে এবং জড়িতদের বিরুদ্ধে আইনগত ব্যবস্থা নেওয়ার প্রক্রিয়া চলছে।

মেডিকেল ভর্তি প্রস্তুতি ২০২১
নিজেকে যাচাই করতে আজই রেজিস্ট্রেশন করো
মডেল টেস্ট	ফ্রি
ফ্রি রেজিস্ট্রেশন চলছে	৫টি মডেল টেস্ট: ২৬, ২৭ ও ২৮ মার্চ
একই প্রশ্নপত্রে সারা দেশের সর্বোচ্চ সংখ্যক মেডিকেল পরীক্ষার্থী	অনলাইনে রেজিস্ট্রেশন: retinabd.org/admission
মেডিকেল ও ডেন্টাল ভর্তি পরীক্ষার সেরা প্রস্তুতি
রেটিনা
বাংলাদেশ বিমান বাহিনী রাডার ইউনিট বগুড়া
বারপুর, বগুড়া
দরপত্র বিজ্ঞপ্তি
বাংলাদেশ বিমান বাহিনী রাডার ইউনিট বগুড়া এর ২০২১-২০২২ অর্থ বছরের মালামাল সরবরাহের জন্য তালিকাভুক্ত ঠিকাদারি প্রতিষ্ঠানের নিকট হতে সিলমোহরকৃত খামে দরপত্র আহ্বান করা যাচ্ছে। দরপত্র ফরম নির্ধারিত মূল্যে অফিস চলাকালীন সময়ে সংগ্রহ করা যাবে। দরপত্রের সাথে নিম্নলিখিত কাগজপত্র জমা দিতে হবে।
হালনাগাদ ট্রেড লাইসেন্স
ব্যাংক সলভেন্সি সার্টিফিকেট
টিআইএন সার্টিফিকেট
ভ্যাট নিবন্ধন সার্টিফিকেট
জাতীয় পরিচয়পত্রের ফটোকপি
ডাক্তারি সনদ সংক্রান্ত কাগজপত্র
সংশ্লিষ্ট কাজের অভিজ্ঞতা সনদ
দুই কপি পাসপোর্ট সাইজ ছবি
কর্তৃপক্ষ কোনো কারণ দর্শানো ব্যতিরেকে যেকোনো দরপত্র গ্রহণ বা বাতিলের অধিকার সংরক্ষণ করেন।
ফ্লাইট লেফটেন্যান্ট, অধিনায়কের পক্ষে
জি-৬৪৪/২১ (৫”x৩)
গণপ্রজাতন্ত্রী বাংলাদেশ সরকার
স্বরাষ্ট্র মন্ত্রণালয়
বাংলাদেশ কোস্ট গার্ড বাহিনী
পুনঃ দরপত্র বিজ্ঞপ্তি
১	মন্ত্রণালয়/বিভাগ	স্বরাষ্ট্র মন্ত্রণালয়
২	সংস্থা	বাংলাদেশ কোস্ট গার্ড বাহিনী
৩	ক্রয়কারী সত্তার নাম	মহাপরিচালক, বাংলাদেশ কোস্ট গার্ড বাহিনী
৪	ক্রয়কারী সত্তার জেলা	ঢাকা
৫	দরপত্র আহ্বানের ধরন	পুনঃ দরপত্র
৬	দরপত্র বিজ্ঞপ্তি নং ও তারিখ	তারিখ: ২৩ মার্চ ২০২১
৭	ক্রয় পদ্ধতি	উন্মুক্ত দরপত্র পদ্ধতি (Open Tender Method)
৮	বাজেট এবং অর্থের উৎস	বাংলাদেশ সরকার
৯	দরপত্র প্যাকেজের নাম	ডিজিটাল ক্যামেরা ক্রয়
১০	দরপত্র দলিল বিক্রয়ের শেষ তারিখ	২৩ মার্চ ২০২১
১১	দরপত্র দলিল ক্রয়ের শেষ তারিখ ও সময়	০৮ এপ্রিল ২০২১ দুপুর ১২:০০ ঘটিকা
১২	দরপত্র জমাদানের শেষ তারিখ ও সময়	০৮ এপ্রিল ২০২১ দুপুর ১২:০০ ঘটিকা
১৩	দরপত্র খোলার তারিখ ও সময়	০৮ এপ্রিল ২০২১ দুপুর ১২:৩০ ঘটিকা
১৪	প্রাক-দরপত্র সভা	প্রযোজ্য নহে
১৫	দরপত্র বিক্রয়ের স্থান	সদর দপ্তর, বাংলাদেশ কোস্ট গার্ড, আগারগাঁও, ঢাকা-১২০৭
১৬	দরপত্র গ্রহণের স্থান	সদর দপ্তর, বাংলাদেশ কোস্ট গার্ড
১৭	দরপত্র খোলার স্থান	সদর দপ্তর, বাংলাদেশ কোস্ট গার্ড
১৮	দরপত্রদাতার যোগ্যতা	সংশ্লিষ্ট পণ্য সরবরাহে ন্যূনতম ৩ বছরের অভিজ্ঞতা
১৯	দরপত্র দলিলের মূল্য	টাকা ১,০০০/- (অফেরতযোগ্য)
২০	দরপত্র জামানত	টাকা ৫৫,০০০/-
২১	কার্য সমাপ্তির সময়	১২ সপ্তাহ
২২	ক্রয়কারী কর্মকর্তার নাম	মহাপরিচালক, বাংলাদেশ কোস্ট গার্ড বাহিনী
২৩	ক্রয়কারী কর্মকর্তার পদবি	মহাপরিচালক
২৪	ঠিকানা	আগারগাঁও, শেরে-বাংলা নগর, ঢাকা-১২০৭
২৫	যোগাযোগের বিবরণ	ফোন: ০২-৯১৪১৬৭৯
২৬	ওয়েবসাইট	www.coastguard.gov.bd
ক্রয়কারী কর্তৃপক্ষ কোনো কারণ দর্শানো ব্যতিরেকে যেকোনো বা সকল দরপত্র গ্রহণ বা বাতিল করার ক্ষমতা সংরক্ষণ করেন। দরপত্রের সাথে হালনাগাদ ট্রেড লাইসেন্স, টিআইএন ও ভ্যাট নিবন্ধন সনদপত্র দাখিল করতে হবে। বিস্তারিত তথ্য www.coastguard.gov.bd ওয়েবসাইটে পাওয়া যাবে।
স্বাক্ষরিত, উপ-পরিচালক (ক্রয়)
জি-৬৪৩/২১ (৯x৩)
